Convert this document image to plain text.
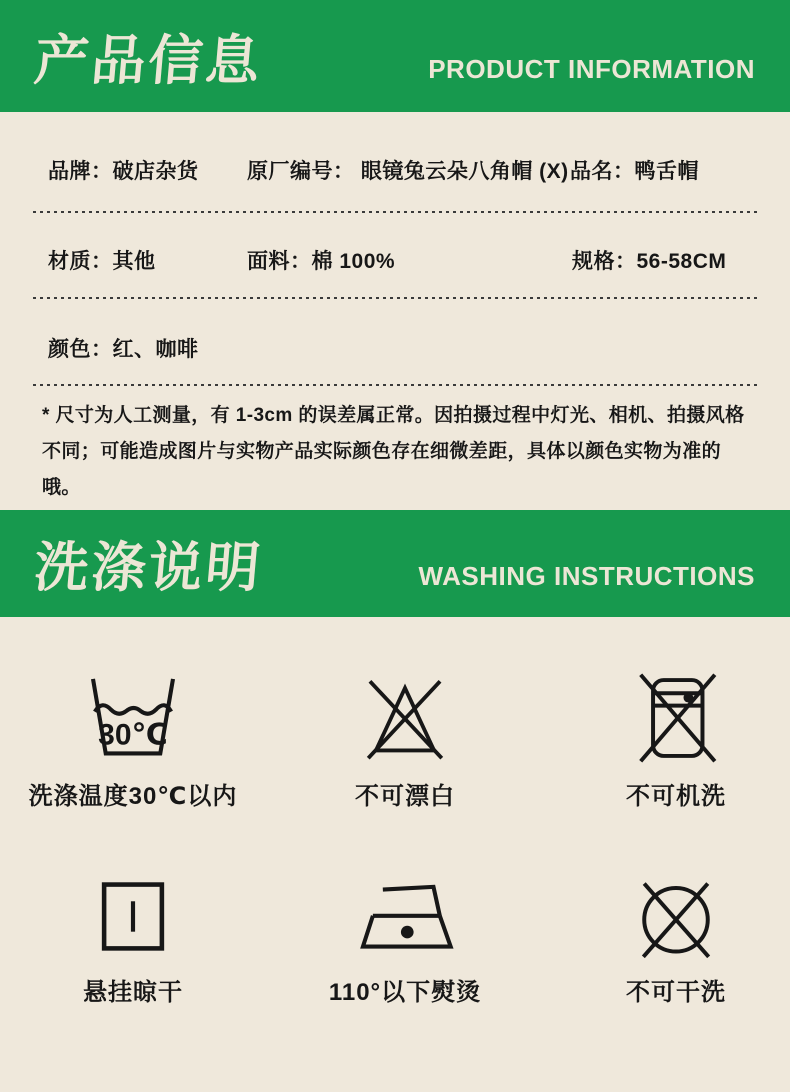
产品信息	PRODUCT INFORMATION
品牌：破店杂货 原厂编号： 眼镜兔云朵八角帽 (X) 品名：鸭舌帽
材质：其他	面料：棉 100%	规格：56-58CM
颜色：红、咖啡
* 尺寸为人工测量，有 1-3cm 的误差属正常。因拍摄过程中灯光、相机、拍摄风格不同；可能造成图片与实物产品实际颜色存在细微差距，具体以颜色实物为准的哦。
洗涤说明	WASHING INSTRUCTIONS
30℃
洗涤温度30℃以内	不可漂白	不可机洗
悬挂晾干	110°以下熨烫	不可干洗
